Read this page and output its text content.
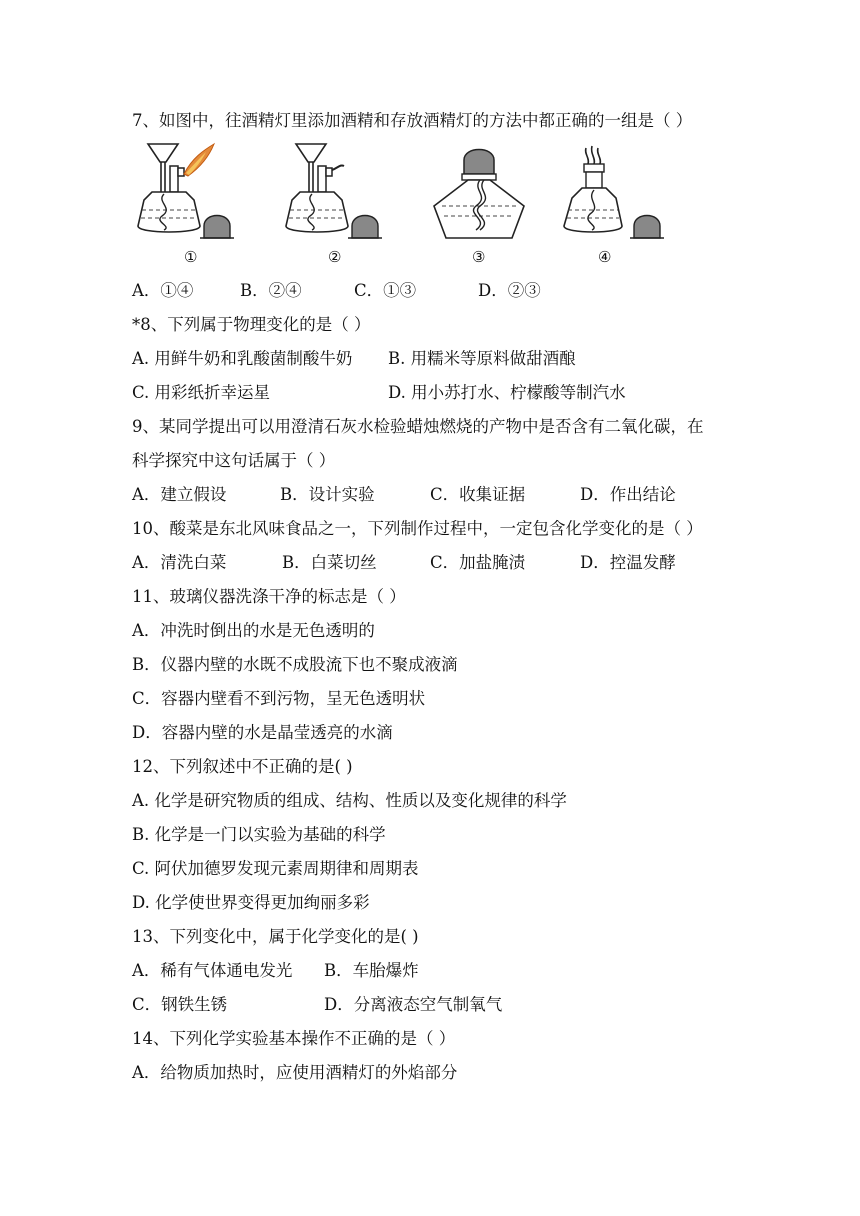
7、如图中，往酒精灯里添加酒精和存放酒精灯的方法中都正确的一组是（ ）
①	②	③	④
A．①④	B．②④	C．①③	D．②③
*8、下列属于物理变化的是（ ）
A. 用鲜牛奶和乳酸菌制酸牛奶 B. 用糯米等原料做甜酒酿
C. 用彩纸折幸运星	D. 用小苏打水、柠檬酸等制汽水
9、某同学提出可以用澄清石灰水检验蜡烛燃烧的产物中是否含有二氧化碳，在
科学探究中这句话属于（ ）
A．建立假设	B．设计实验	C．收集证据	D．作出结论
10、酸菜是东北风味食品之一，下列制作过程中，一定包含化学变化的是（ ）
A．清洗白菜	B．白菜切丝	C．加盐腌渍	D．控温发酵
11、玻璃仪器洗涤干净的标志是（ ）
A．冲洗时倒出的水是无色透明的
B．仪器内壁的水既不成股流下也不聚成液滴
C．容器内壁看不到污物，呈无色透明状
D．容器内壁的水是晶莹透亮的水滴
12、下列叙述中不正确的是( )
A. 化学是研究物质的组成、结构、性质以及变化规律的科学
B. 化学是一门以实验为基础的科学
C. 阿伏加德罗发现元素周期律和周期表
D. 化学使世界变得更加绚丽多彩
13、下列变化中，属于化学变化的是( )
A．稀有气体通电发光 B．车胎爆炸
C．钢铁生锈	D．分离液态空气制氧气
14、下列化学实验基本操作不正确的是（ ）
A．给物质加热时，应使用酒精灯的外焰部分
